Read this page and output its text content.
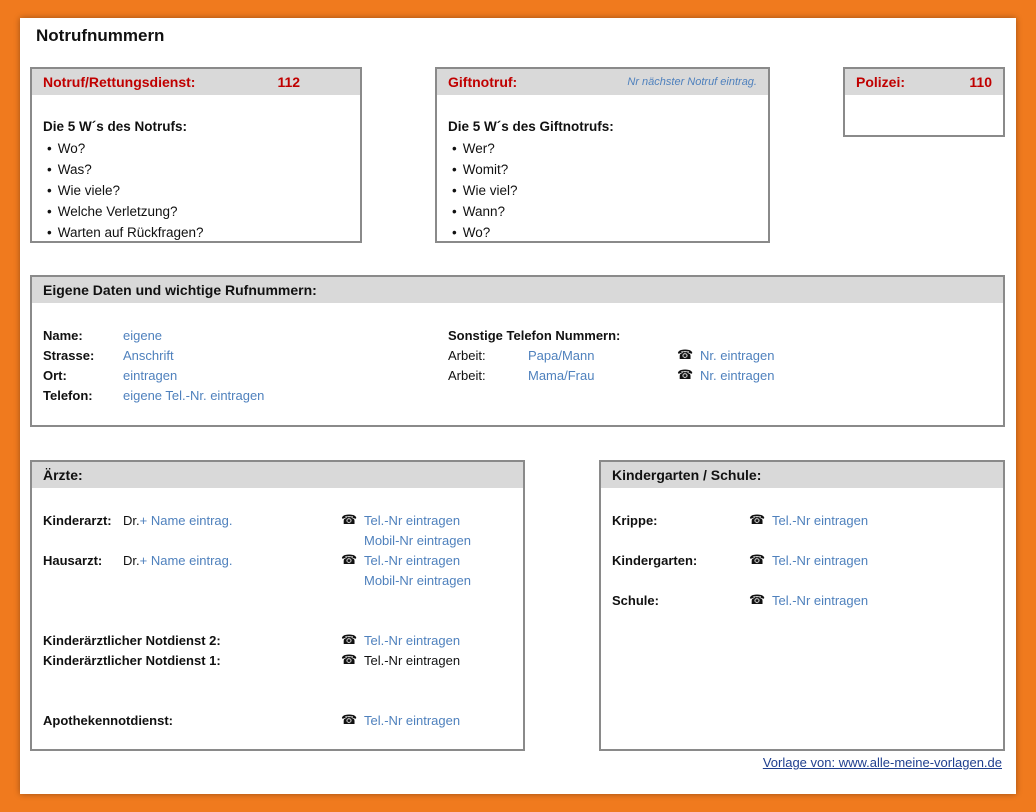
Notrufnummern
Notruf/Rettungsdienst:	112
Die 5 W´s des Notrufs:
• Wo?
• Was?
• Wie viele?
• Welche Verletzung?
• Warten auf Rückfragen?
Giftnotruf:	Nr nächster Notruf eintrag.
Die 5 W´s des Giftnotrufs:
• Wer?
• Womit?
• Wie viel?
• Wann?
• Wo?
Polizei:	110
Eigene Daten und wichtige Rufnummern:
Name:	eigene
Strasse: Anschrift
Ort:	eintragen
Telefon: eigene Tel.-Nr. eintragen
Sonstige Telefon Nummern:
Arbeit:	Papa/Mann	☎ Nr. eintragen
Arbeit:	Mama/Frau	☎ Nr. eintragen
Ärzte:
Kinderarzt: Dr.+ Name eintrag.	☎ Tel.-Nr eintragen
Mobil-Nr eintragen
Hausarzt: Dr.+ Name eintrag.	☎ Tel.-Nr eintragen
Mobil-Nr eintragen
Kinderärztlicher Notdienst 2:	☎ Tel.-Nr eintragen
Kinderärztlicher Notdienst 1:	☎ Tel.-Nr eintragen
Apothekennotdienst:	☎ Tel.-Nr eintragen
Kindergarten / Schule:
Krippe:	☎ Tel.-Nr eintragen
Kindergarten:	☎ Tel.-Nr eintragen
Schule:	☎ Tel.-Nr eintragen
Vorlage von: www.alle-meine-vorlagen.de
